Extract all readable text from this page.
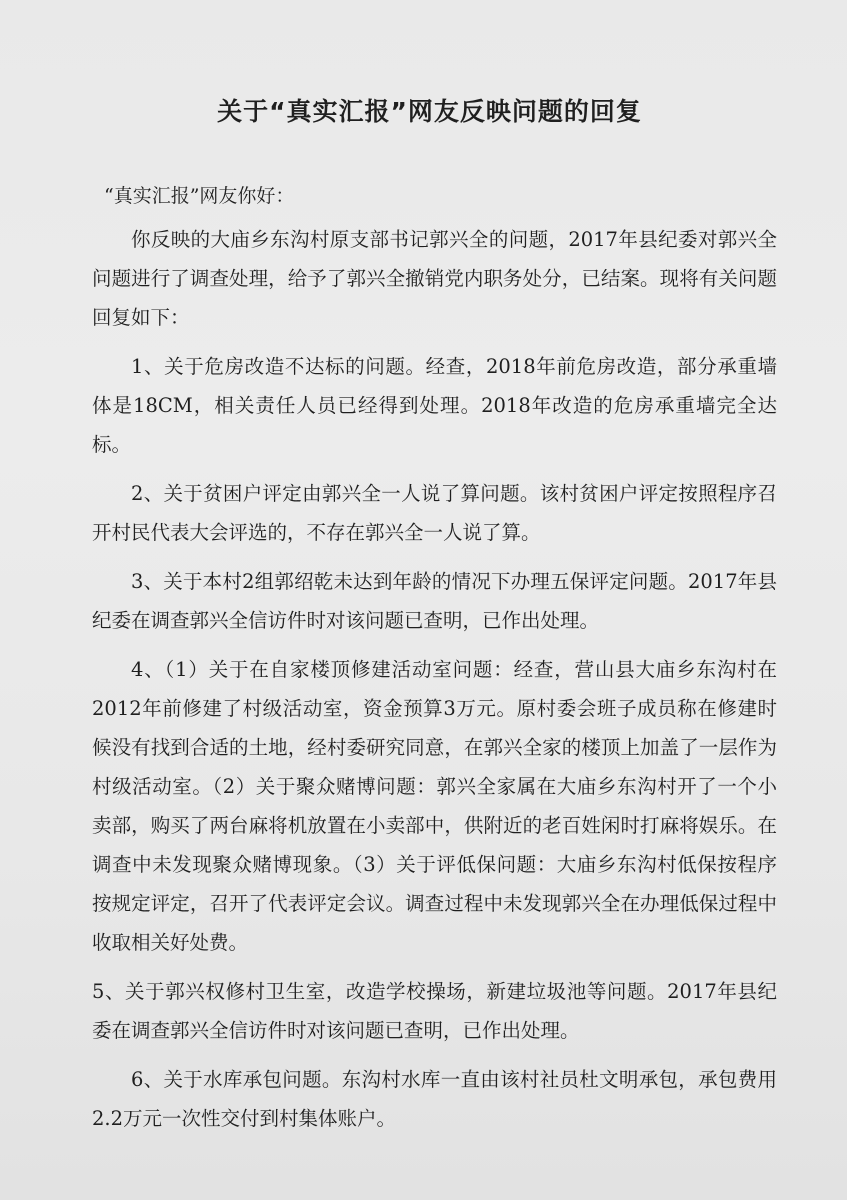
关于“真实汇报”网友反映问题的回复
“真实汇报”网友你好：

你反映的大庙乡东沟村原支部书记郭兴全的问题，2017年县纪委对郭兴全问题进行了调查处理，给予了郭兴全撤销党内职务处分，已结案。现将有关问题回复如下：

1、关于危房改造不达标的问题。经查，2018年前危房改造，部分承重墙体是18CM，相关责任人员已经得到处理。2018年改造的危房承重墙完全达标。

2、关于贫困户评定由郭兴全一人说了算问题。该村贫困户评定按照程序召开村民代表大会评选的，不存在郭兴全一人说了算。

3、关于本村2组郭绍乾未达到年龄的情况下办理五保评定问题。2017年县纪委在调查郭兴全信访件时对该问题已查明，已作出处理。

4、（1）关于在自家楼顶修建活动室问题：经查，营山县大庙乡东沟村在2012年前修建了村级活动室，资金预算3万元。原村委会班子成员称在修建时候没有找到合适的土地，经村委研究同意，在郭兴全家的楼顶上加盖了一层作为村级活动室。（2）关于聚众赌博问题：郭兴全家属在大庙乡东沟村开了一个小卖部，购买了两台麻将机放置在小卖部中，供附近的老百姓闲时打麻将娱乐。在调查中未发现聚众赌博现象。（3）关于评低保问题：大庙乡东沟村低保按程序按规定评定，召开了代表评定会议。调查过程中未发现郭兴全在办理低保过程中收取相关好处费。

5、关于郭兴权修村卫生室，改造学校操场，新建垃圾池等问题。2017年县纪委在调查郭兴全信访件时对该问题已查明，已作出处理。

6、关于水库承包问题。东沟村水库一直由该村社员杜文明承包，承包费用2.2万元一次性交付到村集体账户。
